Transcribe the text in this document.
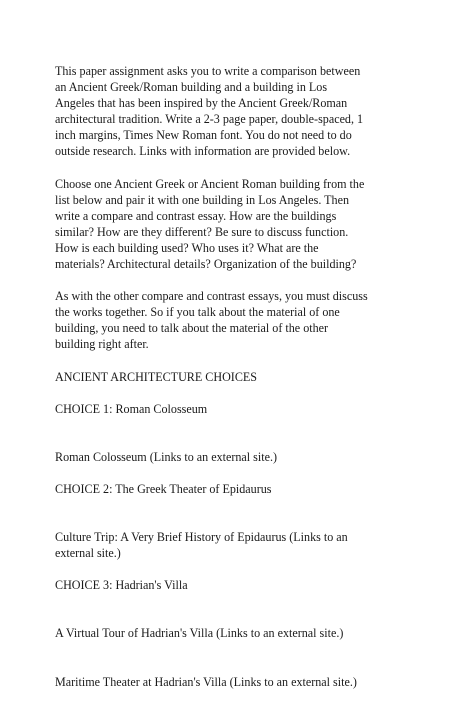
This paper assignment asks you to write a comparison between
an Ancient Greek/Roman building and a building in Los
Angeles that has been inspired by the Ancient Greek/Roman
architectural tradition. Write a 2-3 page paper, double-spaced, 1
inch margins, Times New Roman font. You do not need to do
outside research. Links with information are provided below.

Choose one Ancient Greek or Ancient Roman building from the
list below and pair it with one building in Los Angeles. Then
write a compare and contrast essay. How are the buildings
similar? How are they different? Be sure to discuss function.
How is each building used? Who uses it? What are the
materials? Architectural details? Organization of the building?

As with the other compare and contrast essays, you must discuss
the works together. So if you talk about the material of one
building, you need to talk about the material of the other
building right after.

ANCIENT ARCHITECTURE CHOICES

CHOICE 1: Roman Colosseum

Roman Colosseum (Links to an external site.)

CHOICE 2: The Greek Theater of Epidaurus

Culture Trip: A Very Brief History of Epidaurus (Links to an
external site.)

CHOICE 3: Hadrian's Villa

A Virtual Tour of Hadrian's Villa (Links to an external site.)

Maritime Theater at Hadrian's Villa (Links to an external site.)
